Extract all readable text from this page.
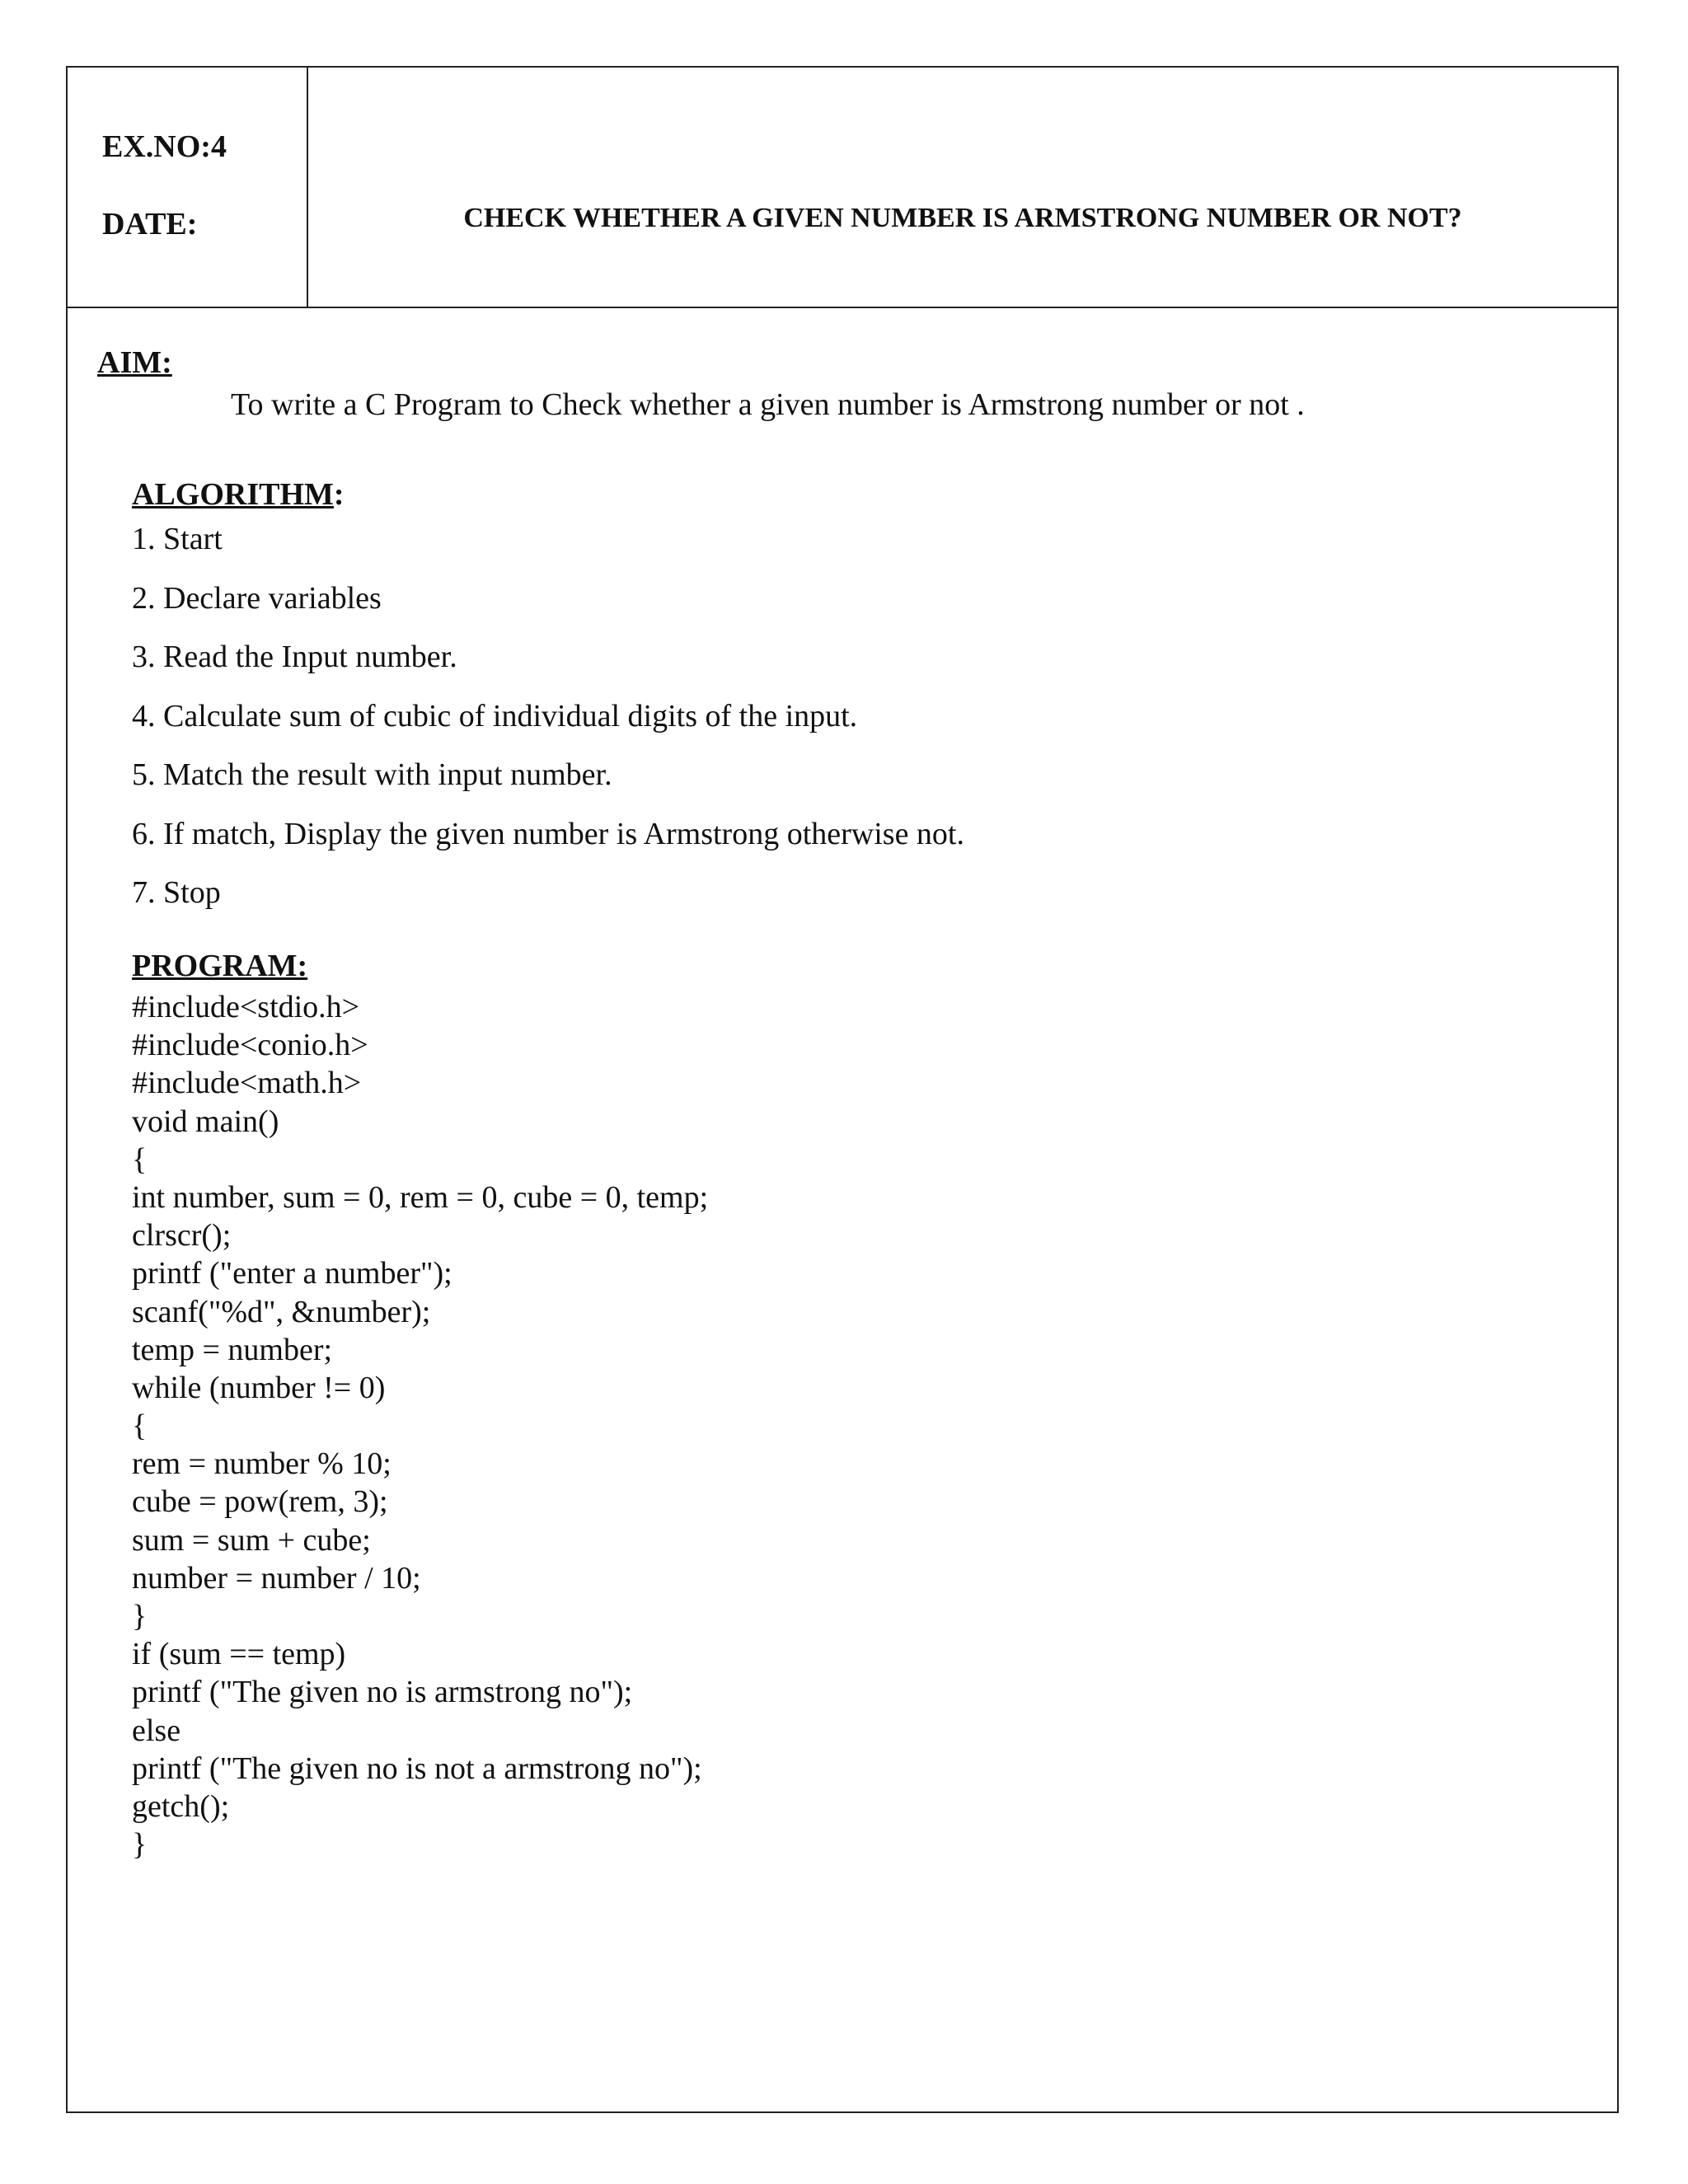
EX.NO:4
DATE:	CHECK WHETHER A GIVEN NUMBER IS ARMSTRONG NUMBER OR NOT?
AIM:
To write a C Program to Check whether a given number is Armstrong number or not .
ALGORITHM:
1. Start
2. Declare variables
3. Read the Input number.
4. Calculate sum of cubic of individual digits of the input.
5. Match the result with input number.
6. If match, Display the given number is Armstrong otherwise not.
7. Stop
PROGRAM:
#include<stdio.h>
#include<conio.h>
#include<math.h>
void main()
{
int number, sum = 0, rem = 0, cube = 0, temp;
clrscr();
printf ("enter a number");
scanf("%d", &number);
temp = number;
while (number != 0)
{
rem = number % 10;
cube = pow(rem, 3);
sum = sum + cube;
number = number / 10;
}
if (sum == temp)
printf ("The given no is armstrong no");
else
printf ("The given no is not a armstrong no");
getch();
}
